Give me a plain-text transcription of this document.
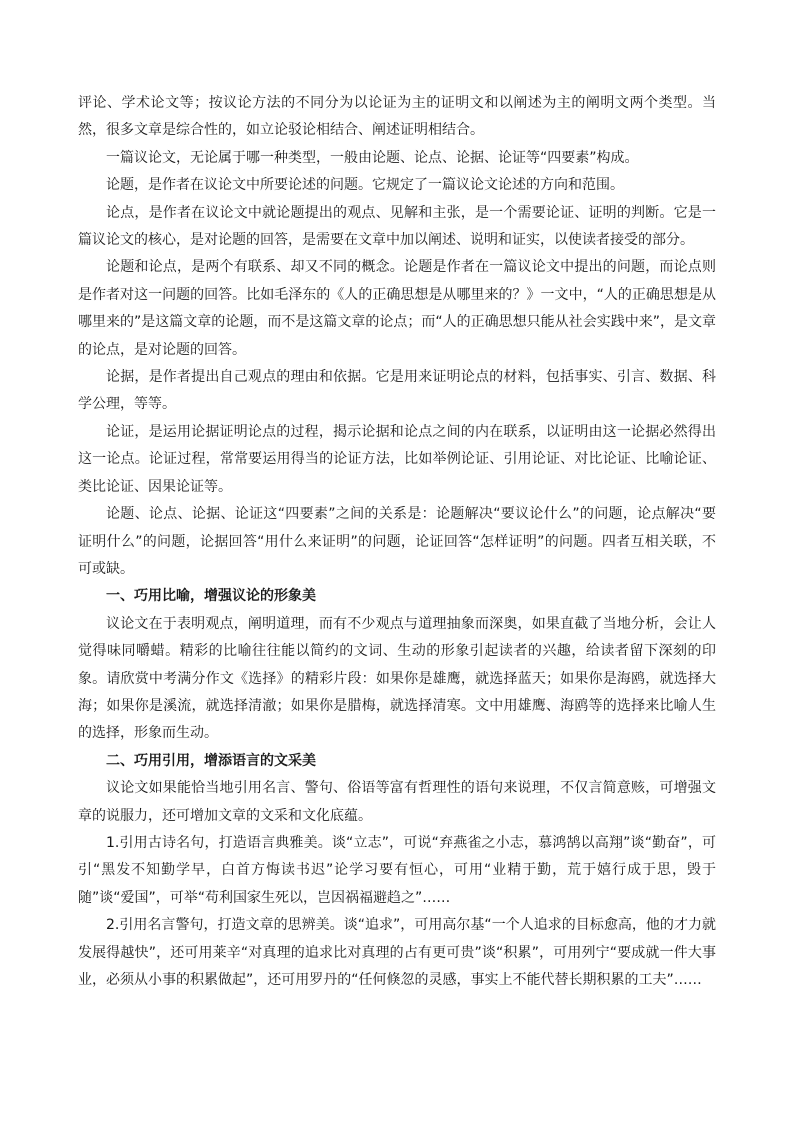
评论、学术论文等；按议论方法的不同分为以论证为主的证明文和以阐述为主的阐明文两个类型。当然，很多文章是综合性的，如立论驳论相结合、阐述证明相结合。

一篇议论文，无论属于哪一种类型，一般由论题、论点、论据、论证等“四要素”构成。

论题，是作者在议论文中所要论述的问题。它规定了一篇议论文论述的方向和范围。

论点，是作者在议论文中就论题提出的观点、见解和主张，是一个需要论证、证明的判断。它是一篇议论文的核心，是对论题的回答，是需要在文章中加以阐述、说明和证实，以使读者接受的部分。

论题和论点，是两个有联系、却又不同的概念。论题是作者在一篇议论文中提出的问题，而论点则是作者对这一问题的回答。比如毛泽东的《人的正确思想是从哪里来的？》一文中，“人的正确思想是从哪里来的”是这篇文章的论题，而不是这篇文章的论点；而“人的正确思想只能从社会实践中来”，是文章的论点，是对论题的回答。

论据，是作者提出自己观点的理由和依据。它是用来证明论点的材料，包括事实、引言、数据、科学公理，等等。

论证，是运用论据证明论点的过程，揭示论据和论点之间的内在联系，以证明由这一论据必然得出这一论点。论证过程，常常要运用得当的论证方法，比如举例论证、引用论证、对比论证、比喻论证、类比论证、因果论证等。

论题、论点、论据、论证这“四要素”之间的关系是：论题解决“要议论什么”的问题，论点解决“要证明什么”的问题，论据回答“用什么来证明”的问题，论证回答“怎样证明”的问题。四者互相关联，不可或缺。

一、巧用比喻，增强议论的形象美

议论文在于表明观点，阐明道理，而有不少观点与道理抽象而深奥，如果直截了当地分析，会让人觉得味同嚼蜡。精彩的比喻往往能以简约的文词、生动的形象引起读者的兴趣，给读者留下深刻的印象。请欣赏中考满分作文《选择》的精彩片段：如果你是雄鹰，就选择蓝天；如果你是海鸥，就选择大海；如果你是溪流，就选择清澈；如果你是腊梅，就选择清寒。文中用雄鹰、海鸥等的选择来比喻人生的选择，形象而生动。

二、巧用引用，增添语言的文采美

议论文如果能恰当地引用名言、警句、俗语等富有哲理性的语句来说理，不仅言简意赅，可增强文章的说服力，还可增加文章的文采和文化底蕴。

1.引用古诗名句，打造语言典雅美。谈“立志”，可说“弃燕雀之小志，慕鸿鹄以高翔”谈“勤奋”，可引“黑发不知勤学早，白首方悔读书迟”论学习要有恒心，可用“业精于勤，荒于嬉行成于思，毁于随”谈“爱国”，可举“苟利国家生死以，岂因祸福避趋之”……

2.引用名言警句，打造文章的思辨美。谈“追求”，可用高尔基“一个人追求的目标愈高，他的才力就发展得越快”，还可用莱辛“对真理的追求比对真理的占有更可贵”谈“积累”，可用列宁“要成就一件大事业，必须从小事的积累做起”，还可用罗丹的“任何倏忽的灵感，事实上不能代替长期积累的工夫”……
